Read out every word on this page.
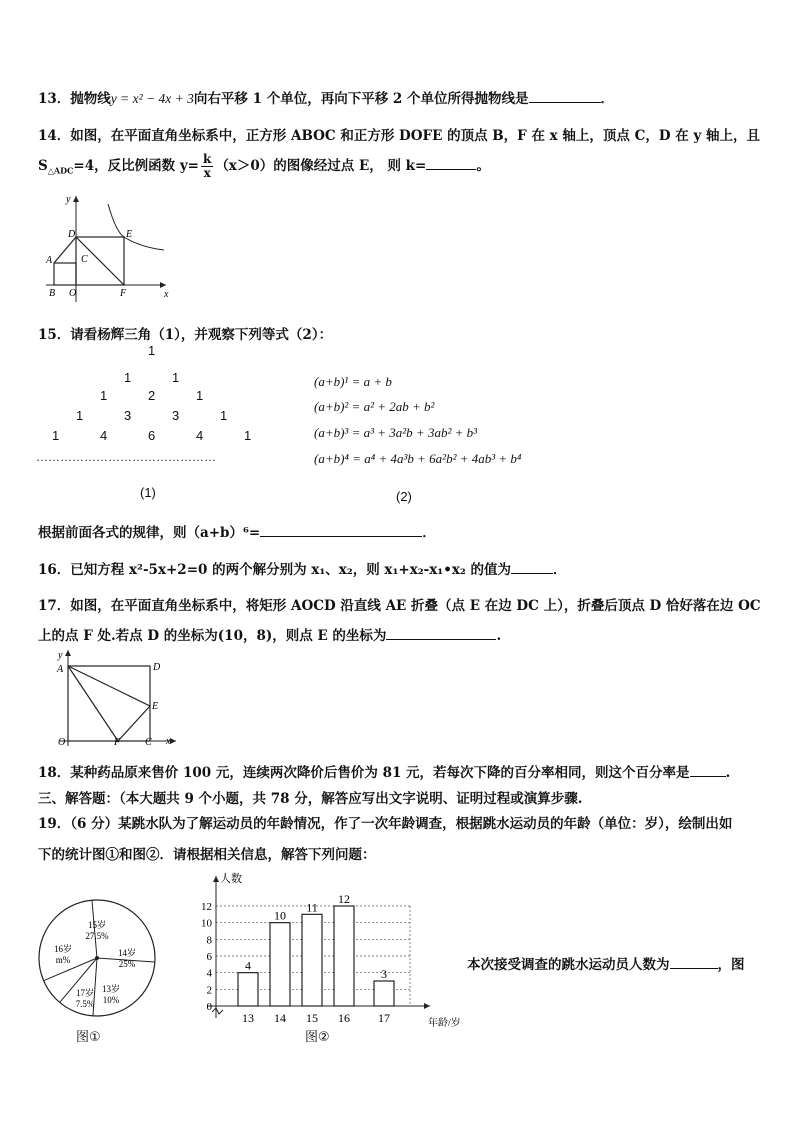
13．抛物线y = x² − 4x + 3向右平移 1 个单位，再向下平移 2 个单位所得抛物线是	．
14．如图，在平面直角坐标系中，正方形 ABOC 和正方形 DOFE 的顶点 B，F 在 x 轴上，顶点 C，D 在 y 轴上，且
$S_{\triangle ADC}=4$，反比例函数 $y= \frac{k}{x} (x>0)$的图像经过点 E， 则 k=	。
y
x
D	E
A	C
B O	F
15．请看杨辉三角（1），并观察下列等式（2）：
1
1	1
1	2	1
1	3	3	1
1	4	6	4	1
………………………………………
(1)	(2)
(a+b)¹ = a + b
(a+b)² = a² + 2ab + b²
(a+b)³ = a³ + 3a²b + 3ab² + b³
(a+b)⁴ = a⁴ + 4a³b + 6a²b² + 4ab³ + b⁴
根据前面各式的规律，则（a+b）⁶=	．
16．已知方程 x²-5x+2=0 的两个解分别为 x₁、x₂，则 x₁+x₂-x₁•x₂ 的值为	．
17．如图，在平面直角坐标系中，将矩形 AOCD 沿直线 AE 折叠（点 E 在边 DC 上），折叠后顶点 D 恰好落在边 OC
上的点 F 处.若点 D 的坐标为(10，8)，则点 E 的坐标为	.
y
x
A	D
E
O	F C
18．某种药品原来售价 100 元，连续两次降价后售价为 81 元，若每次下降的百分率相同，则这个百分率是	.
三、解答题：（本大题共 9 个小题，共 78 分，解答应写出文字说明、证明过程或演算步骤.
19．（6 分）某跳水队为了解运动员的年龄情况，作了一次年龄调查，根据跳水运动员的年龄（单位：岁），绘制出如
下的统计图①和图②．请根据相关信息，解答下列问题：
15岁
27.5%
14岁
25%
13岁
10%
17岁
7.5%
16岁
m%
图①
人数
年龄/岁
0
2
4
6
8
10
12
4
13
10
14
11
15
12
16
3
17
图②
本次接受调查的跳水运动员人数为	，图
